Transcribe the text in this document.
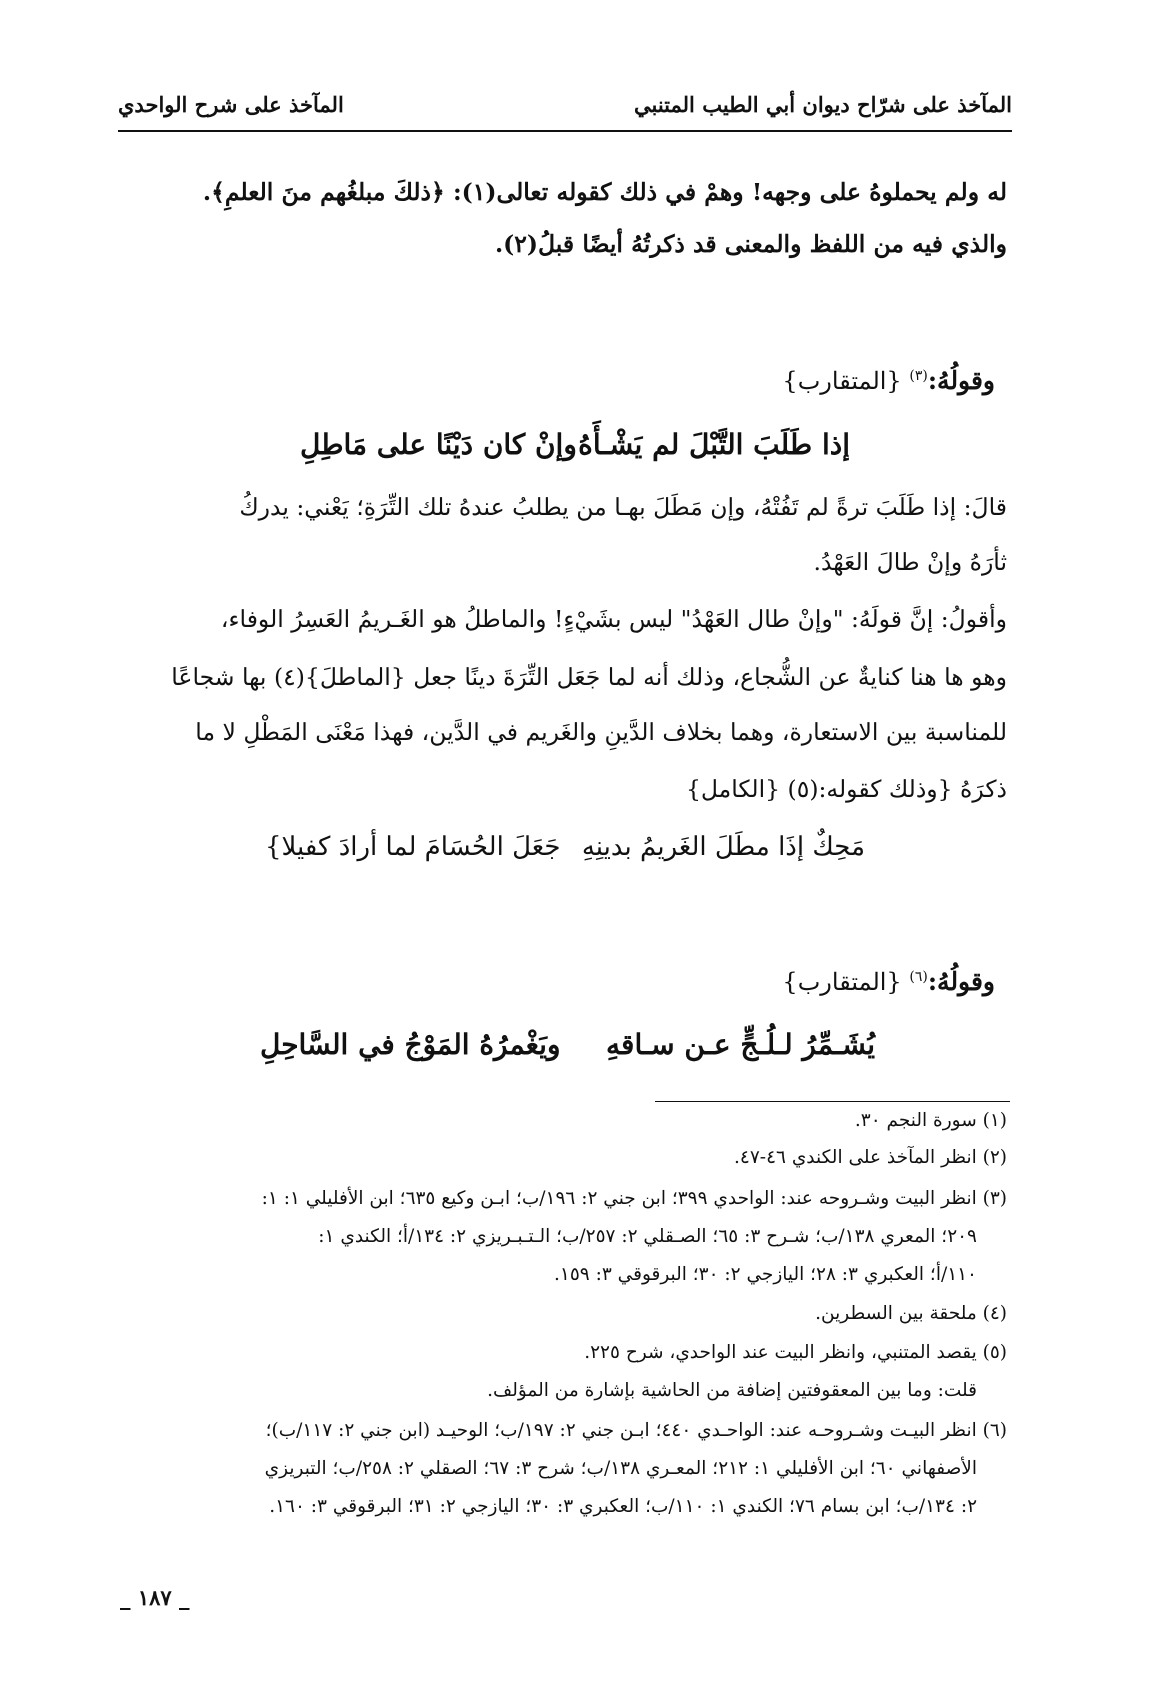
المآخذ على شرّاح ديوان أبي الطيب المتنبي
المآخذ على شرح الواحدي
له ولم يحملوهُ على وجهه! وهمْ في ذلك كقوله تعالى(١): ﴿ذلكَ مبلغُهم منَ العلمِ﴾.
والذي فيه من اللفظ والمعنى قد ذكرتُهُ أيضًا قبلُ(٢).
وقولُهُ:$^{(٣)}$ {المتقارب}
إذا طَلَبَ التَّبْلَ لم يَشْـأَهُ
وإنْ كان دَيْنًا على مَاطِلِ
قالَ: إذا طَلَبَ ترةً لم تَفُتْهُ، وإن مَطَلَ بهـا من يطلبُ عندهُ تلك التِّرَةِ؛ يَعْني: يدركُ
ثأرَهُ وإنْ طالَ العَهْدُ.
وأقولُ: إنَّ قولَهُ: "وإنْ طال العَهْدُ" ليس بشَيْءٍ! والماطلُ هو الغَـريمُ العَسِرُ الوفاء،
وهو ها هنا كنايةٌ عن الشُّجاع، وذلك أنه لما جَعَل التِّرَةَ دينًا جعل {الماطلَ}(٤) بها شجاعًا
للمناسبة بين الاستعارة، وهما بخلاف الدَّينِ والغَريم في الدَّين، فهذا مَعْنَى المَطْلِ لا ما
ذكرَهُ {وذلك كقوله:(٥) {الكامل}
مَحِكٌ إذَا مطَلَ الغَريمُ بدينِهِ
جَعَلَ الحُسَامَ لما أرادَ كفيلا}
وقولُهُ:$^{(٦)}$ {المتقارب}
يُشَـمِّرُ لـلُـجٍّ عـن سـاقهِ
ويَغْمرُهُ المَوْجُ في السَّاحِلِ
(١) سورة النجم ٣٠.
(٢) انظر المآخذ على الكندي ٤٦-٤٧.
(٣) انظر البيت وشـروحه عند: الواحدي ٣٩٩؛ ابن جني ٢: ١٩٦/ب؛ ابـن وكيع ٦٣٥؛ ابن الأفليلي ١: ١:
٢٠٩؛ المعري ١٣٨/ب؛ شـرح ٣: ٦٥؛ الصـقلي ٢: ٢٥٧/ب؛ الـتـبـريزي ٢: ١٣٤/أ؛ الكندي ١:
١١٠/أ؛ العكبري ٣: ٢٨؛ اليازجي ٢: ٣٠؛ البرقوقي ٣: ١٥٩.
(٤) ملحقة بين السطرين.
(٥) يقصد المتنبي، وانظر البيت عند الواحدي، شرح ٢٢٥.
قلت: وما بين المعقوفتين إضافة من الحاشية بإشارة من المؤلف.
(٦) انظر البيـت وشـروحـه عند: الواحـدي ٤٤٠؛ ابـن جني ٢: ١٩٧/ب؛ الوحيـد (ابن جني ٢: ١١٧/ب)؛
الأصفهاني ٦٠؛ ابن الأفليلي ١: ٢١٢؛ المعـري ١٣٨/ب؛ شرح ٣: ٦٧؛ الصقلي ٢: ٢٥٨/ب؛ التبريزي
٢: ١٣٤/ب؛ ابن بسام ٧٦؛ الكندي ١: ١١٠/ب؛ العكبري ٣: ٣٠؛ اليازجي ٢: ٣١؛ البرقوقي ٣: ١٦٠.
_ ١٨٧ _
